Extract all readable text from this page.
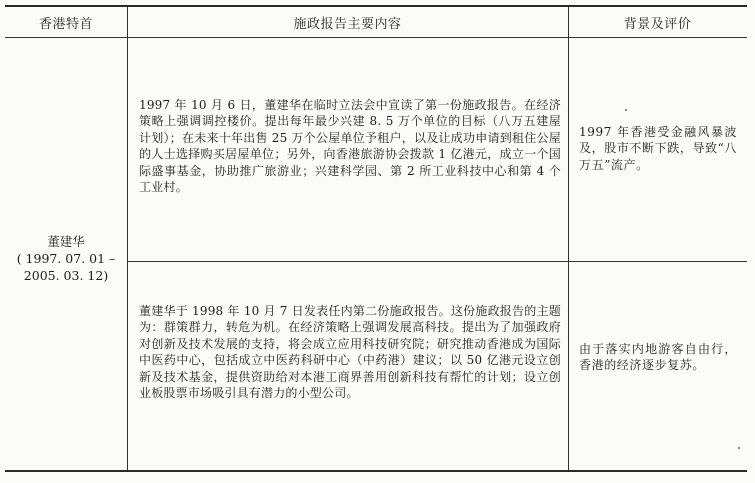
香港特首	施政报告主要内容	背景及评价
董建华
( 1997. 07. 01 –
2005. 03. 12)
1997 年 10 月 6 日，董建华在临时立法会中宣读了第一份施政报告。在经济策略上强调调控楼价。提出每年最少兴建 8. 5 万个单位的目标（八万五建屋计划）；在未来十年出售 25 万个公屋单位予租户，以及让成功申请到租住公屋的人士选择购买居屋单位；另外，向香港旅游协会拨款 1 亿港元，成立一个国际盛事基金，协助推广旅游业；兴建科学园、第 2 所工业科技中心和第 4 个工业村。
1997 年香港受金融风暴波及，股市不断下跌，导致“八万五”流产。
董建华于 1998 年 10 月 7 日发表任内第二份施政报告。这份施政报告的主题为：群策群力，转危为机。在经济策略上强调发展高科技。提出为了加强政府对创新及技术发展的支持，将会成立应用科技研究院；研究推动香港成为国际中医药中心，包括成立中医药科研中心（中药港）建议；以 50 亿港元设立创新及技术基金，提供资助给对本港工商界善用创新科技有帮忙的计划；设立创业板股票市场吸引具有潜力的小型公司。
由于落实内地游客自由行，香港的经济逐步复苏。
